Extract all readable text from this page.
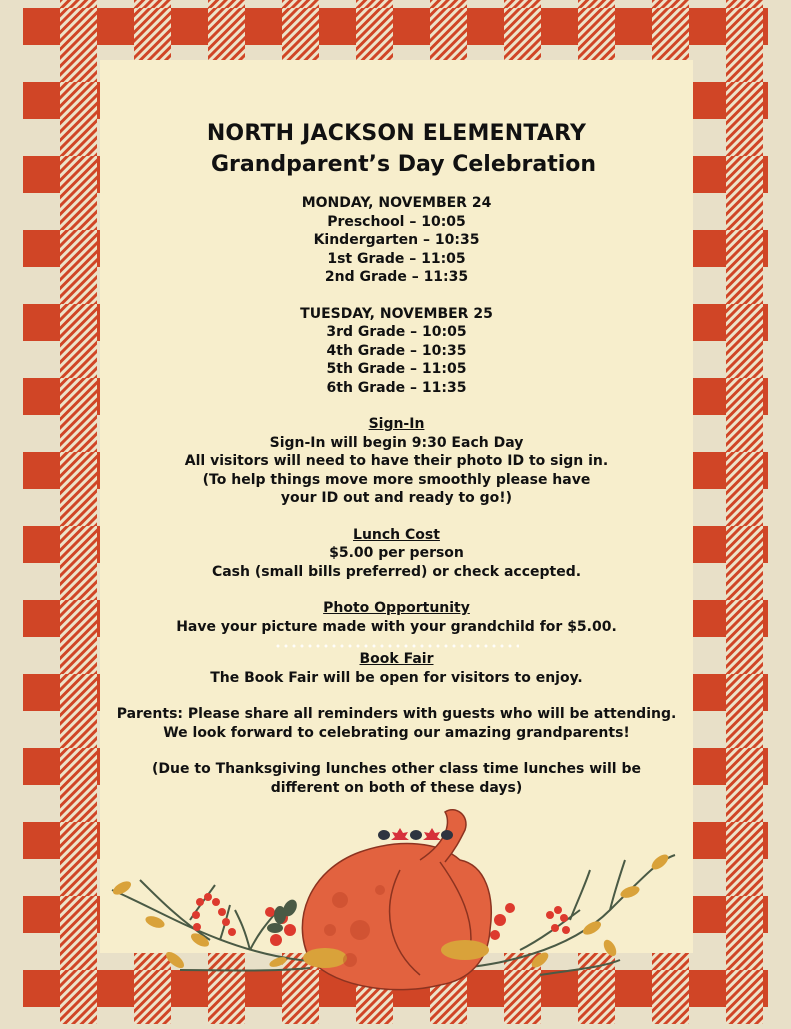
NORTH JACKSON ELEMENTARY
Grandparent’s Day Celebration
MONDAY, NOVEMBER 24
Preschool – 10:05
Kindergarten – 10:35
1st Grade – 11:05
2nd Grade – 11:35
TUESDAY, NOVEMBER 25
3rd Grade – 10:05
4th Grade – 10:35
5th Grade – 11:05
6th Grade – 11:35
Sign-In
Sign-In will begin 9:30 Each Day
All visitors will need to have their photo ID to sign in.
(To help things move more smoothly please have
your ID out and ready to go!)
Lunch Cost
$5.00 per person
Cash (small bills preferred) or check accepted.
Photo Opportunity
Have your picture made with your grandchild for $5.00.
Book Fair
The Book Fair will be open for visitors to enjoy.
Parents: Please share all reminders with guests who will be attending.
We look forward to celebrating our amazing grandparents!
(Due to Thanksgiving lunches other class time lunches will be
different on both of these days)
